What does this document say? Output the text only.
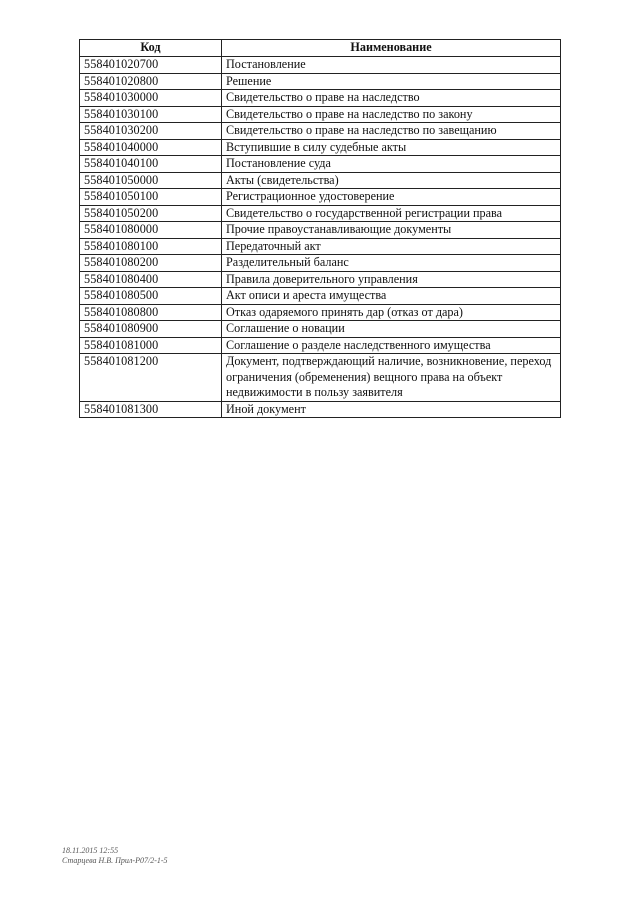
Код	Наименование
558401020700	Постановление
558401020800	Решение
558401030000	Свидетельство о праве на наследство
558401030100	Свидетельство о праве на наследство по закону
558401030200	Свидетельство о праве на наследство по завещанию
558401040000	Вступившие в силу судебные акты
558401040100	Постановление суда
558401050000	Акты (свидетельства)
558401050100	Регистрационное удостоверение
558401050200	Свидетельство о государственной регистрации права
558401080000	Прочие правоустанавливающие документы
558401080100	Передаточный акт
558401080200	Разделительный баланс
558401080400	Правила доверительного управления
558401080500	Акт описи и ареста имущества
558401080800	Отказ одаряемого принять дар (отказ от дара)
558401080900	Соглашение о новации
558401081000	Соглашение о разделе наследственного имущества
558401081200	Документ, подтверждающий наличие, возникновение, переход ограничения (обременения) вещного права на объект недвижимости в пользу заявителя
558401081300	Иной документ
18.11.2015 12:55
Старцева Н.В. Прил-Р07/2-1-5
